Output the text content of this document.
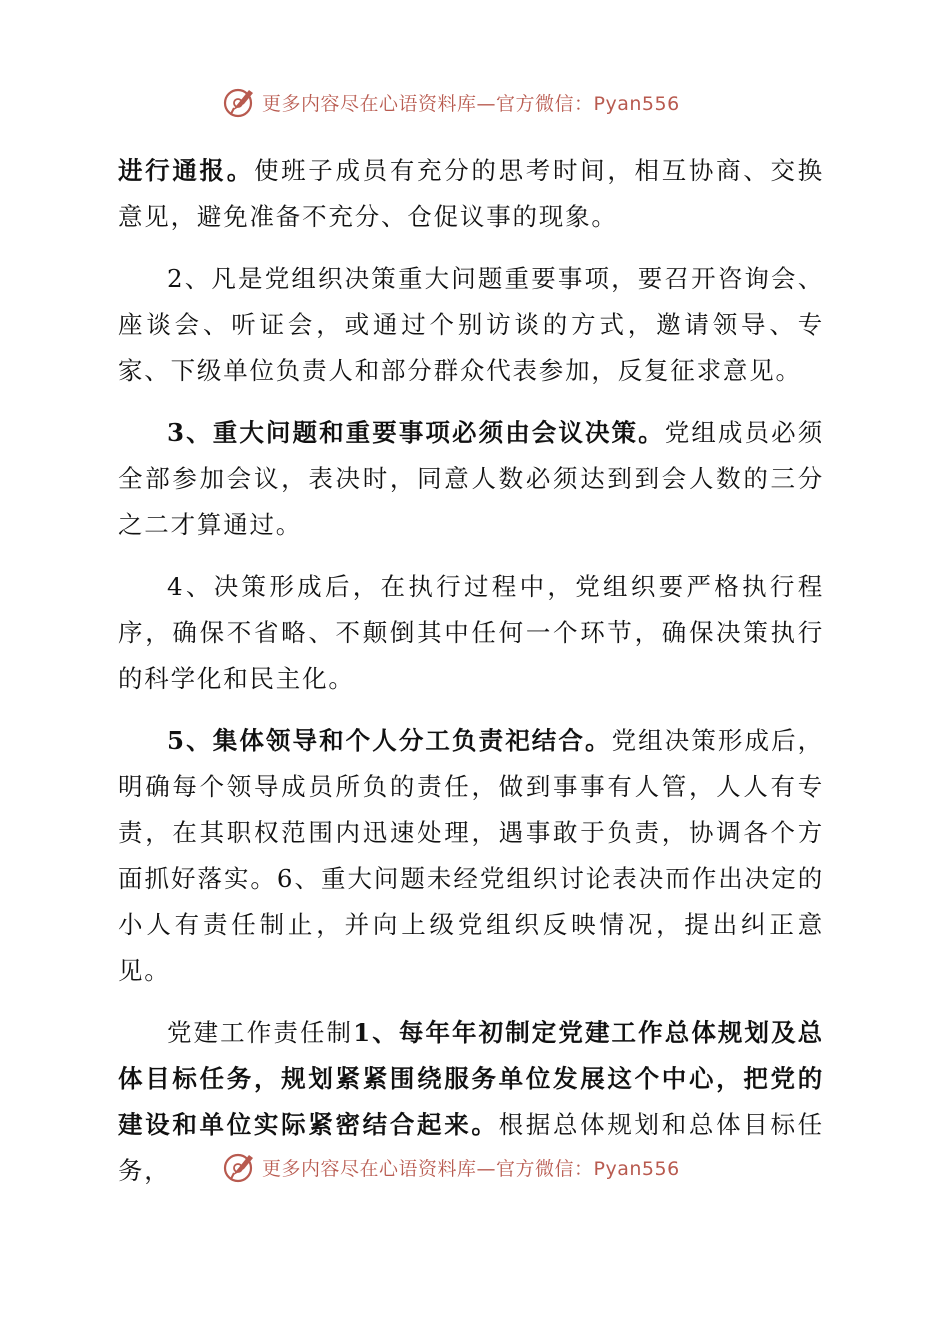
更多内容尽在心语资料库—官方微信：Pyan556

进行通报。使班子成员有充分的思考时间，相互协商、交换意见，避免准备不充分、仓促议事的现象。

2、凡是党组织决策重大问题重要事项，要召开咨询会、座谈会、听证会，或通过个别访谈的方式，邀请领导、专家、下级单位负责人和部分群众代表参加，反复征求意见。

3、重大问题和重要事项必须由会议决策。党组成员必须全部参加会议，表决时，同意人数必须达到到会人数的三分之二才算通过。

4、决策形成后，在执行过程中，党组织要严格执行程序，确保不省略、不颠倒其中任何一个环节，确保决策执行的科学化和民主化。

5、集体领导和个人分工负责祀结合。党组决策形成后，明确每个领导成员所负的责任，做到事事有人管，人人有专责，在其职权范围内迅速处理，遇事敢于负责，协调各个方面抓好落实。6、重大问题未经党组织讨论表决而作出决定的小人有责任制止，并向上级党组织反映情况，提出纠正意见。

党建工作责任制1、每年年初制定党建工作总体规划及总体目标任务，规划紧紧围绕服务单位发展这个中心，把党的建设和单位实际紧密结合起来。根据总体规划和总体目标任务，	更多内容尽在心语资料库—官方微信：Pyan556
